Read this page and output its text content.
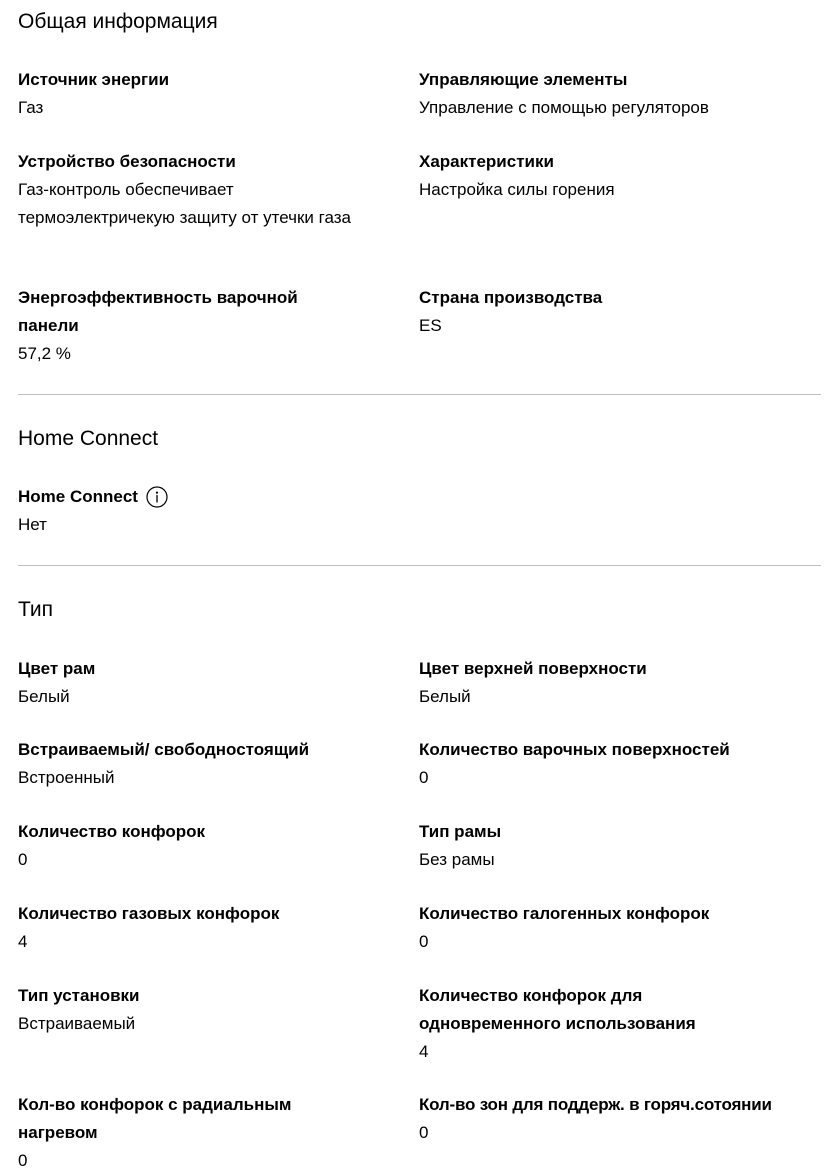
Общая информация
Источник энергии
Газ
Управляющие элементы
Управление с помощью регуляторов
Устройство безопасности
Газ-контроль обеспечивает термоэлектричекую защиту от утечки газа
Характеристики
Настройка силы горения
Энергоэффективность варочной панели
57,2 %
Страна производства
ES
Home Connect
Home Connect
Нет
Тип
Цвет рам
Белый
Цвет верхней поверхности
Белый
Встраиваемый/ свободностоящий
Встроенный
Количество варочных поверхностей
0
Количество конфорок
0
Тип рамы
Без рамы
Количество газовых конфорок
4
Количество галогенных конфорок
0
Тип установки
Встраиваемый
Количество конфорок для одновременного использования
4
Кол-во конфорок с радиальным нагревом
0
Кол-во зон для поддерж. в горяч.сотоянии
0
